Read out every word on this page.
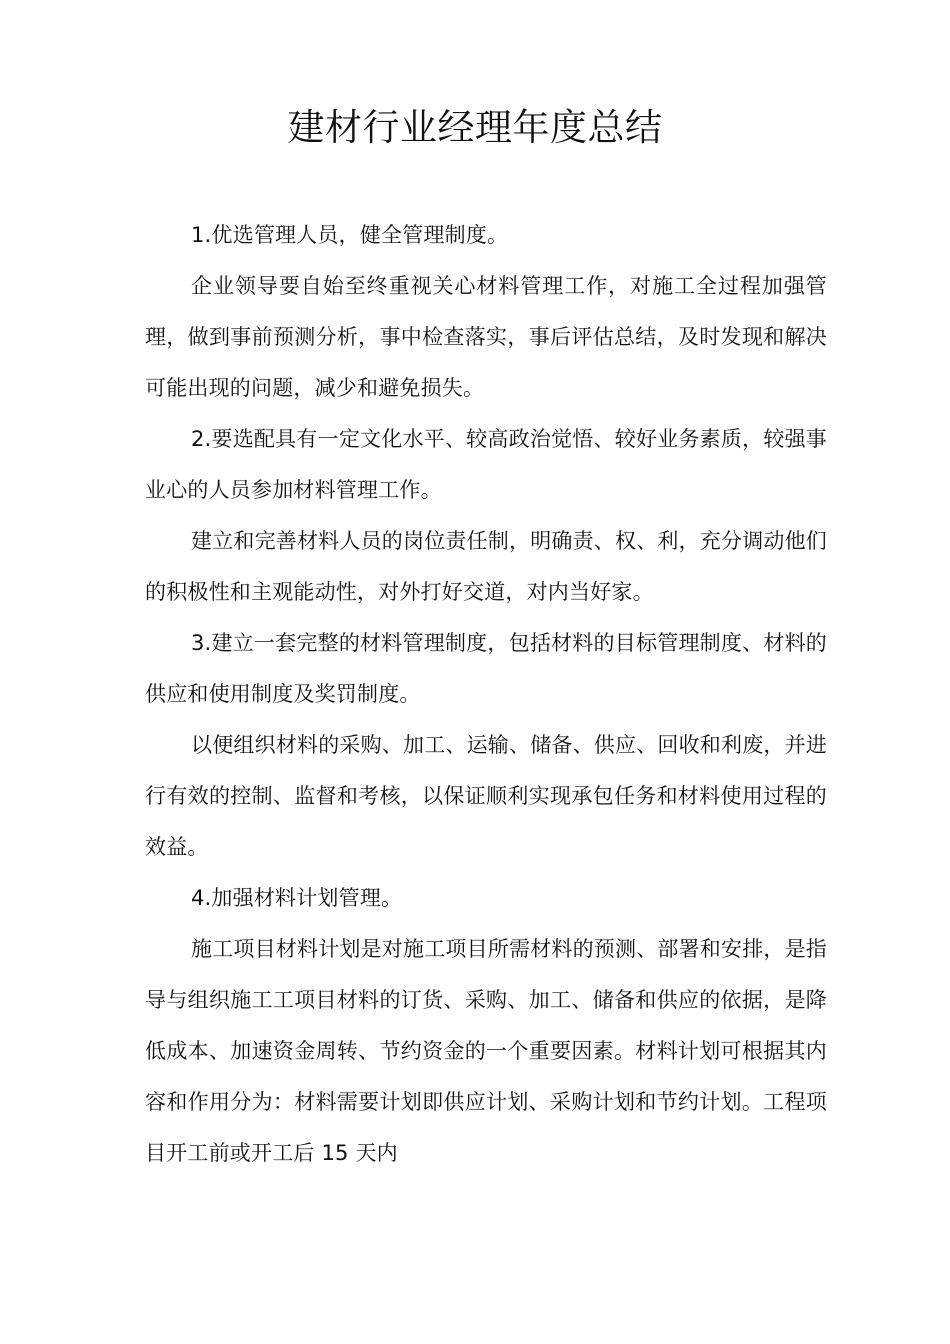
建材行业经理年度总结

1.优选管理人员，健全管理制度。

企业领导要自始至终重视关心材料管理工作，对施工全过程加强管理，做到事前预测分析，事中检查落实，事后评估总结，及时发现和解决可能出现的问题，减少和避免损失。

2.要选配具有一定文化水平、较高政治觉悟、较好业务素质，较强事业心的人员参加材料管理工作。

建立和完善材料人员的岗位责任制，明确责、权、利，充分调动他们的积极性和主观能动性，对外打好交道，对内当好家。

3.建立一套完整的材料管理制度，包括材料的目标管理制度、材料的供应和使用制度及奖罚制度。

以便组织材料的采购、加工、运输、储备、供应、回收和利废，并进行有效的控制、监督和考核，以保证顺利实现承包任务和材料使用过程的效益。

4.加强材料计划管理。

施工项目材料计划是对施工项目所需材料的预测、部署和安排，是指导与组织施工工项目材料的订货、采购、加工、储备和供应的依据，是降低成本、加速资金周转、节约资金的一个重要因素。材料计划可根据其内容和作用分为：材料需要计划即供应计划、采购计划和节约计划。工程项目开工前或开工后 15 天内
